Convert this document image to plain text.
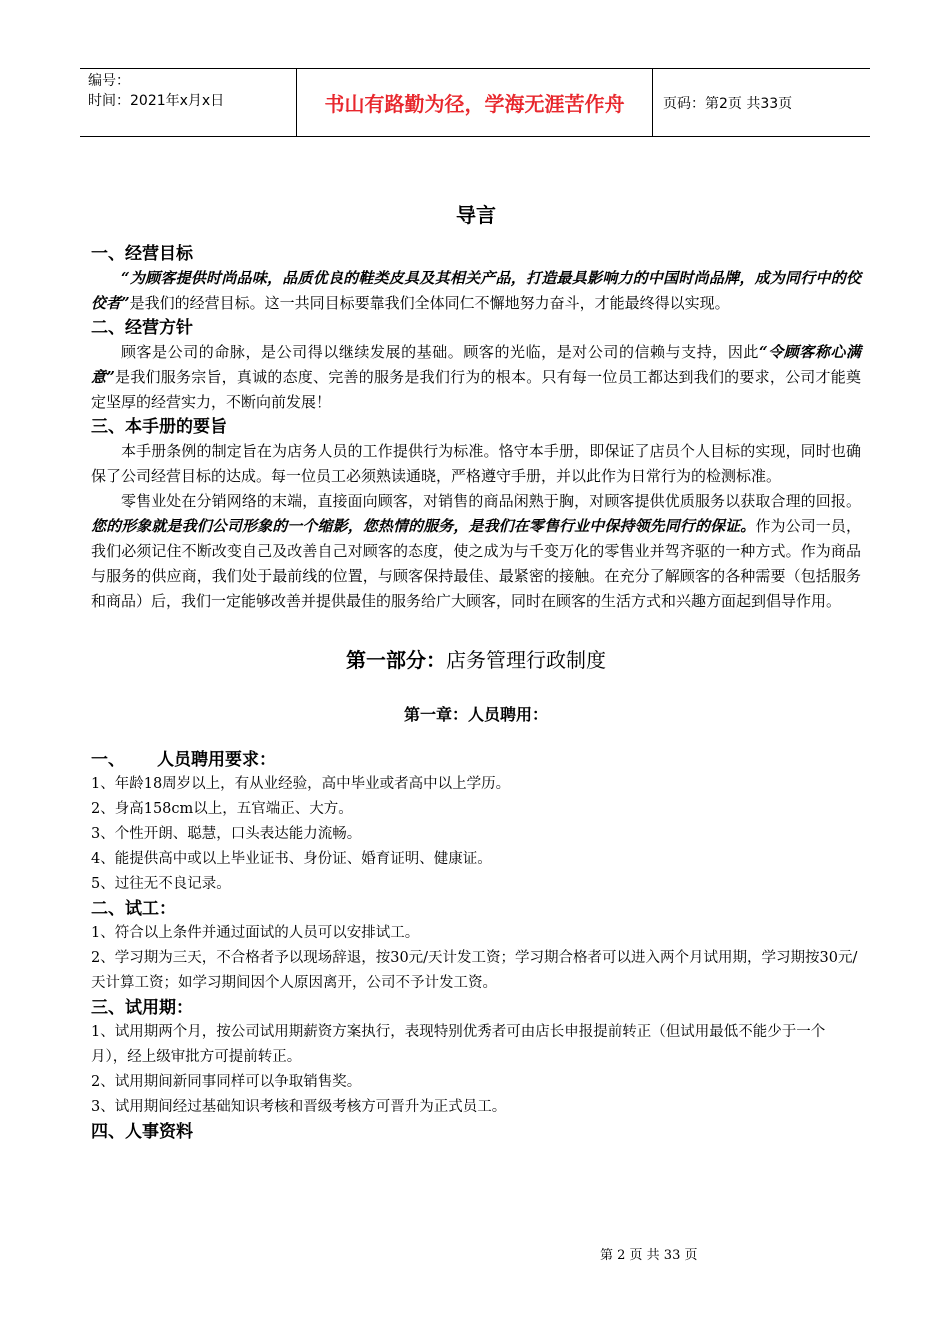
编号：
时间：2021年x月x日	书山有路勤为径，学海无涯苦作舟	页码：第2页 共33页
导言

一、经营目标

“为顾客提供时尚品味，品质优良的鞋类皮具及其相关产品，打造最具影响力的中国时尚品牌，成为同行中的佼佼者”是我们的经营目标。这一共同目标要靠我们全体同仁不懈地努力奋斗，才能最终得以实现。

二、经营方针

顾客是公司的命脉，是公司得以继续发展的基础。顾客的光临，是对公司的信赖与支持，因此“令顾客称心满意”是我们服务宗旨，真诚的态度、完善的服务是我们行为的根本。只有每一位员工都达到我们的要求，公司才能奠定坚厚的经营实力，不断向前发展！

三、本手册的要旨

本手册条例的制定旨在为店务人员的工作提供行为标准。恪守本手册，即保证了店员个人目标的实现，同时也确保了公司经营目标的达成。每一位员工必须熟读通晓，严格遵守手册，并以此作为日常行为的检测标准。

零售业处在分销网络的末端，直接面向顾客，对销售的商品闲熟于胸，对顾客提供优质服务以获取合理的回报。您的形象就是我们公司形象的一个缩影，您热情的服务，是我们在零售行业中保持领先同行的保证。作为公司一员，我们必须记住不断改变自己及改善自己对顾客的态度，使之成为与千变万化的零售业并驾齐驱的一种方式。作为商品与服务的供应商，我们处于最前线的位置，与顾客保持最佳、最紧密的接触。在充分了解顾客的各种需要（包括服务和商品）后，我们一定能够改善并提供最佳的服务给广大顾客，同时在顾客的生活方式和兴趣方面起到倡导作用。

第一部分：店务管理行政制度
第一章：人员聘用：

一、 人员聘用要求：

1、年龄18周岁以上，有从业经验，高中毕业或者高中以上学历。

2、身高158cm以上，五官端正、大方。

3、个性开朗、聪慧，口头表达能力流畅。

4、能提供高中或以上毕业证书、身份证、婚育证明、健康证。

5、过往无不良记录。

二、试工：

1、符合以上条件并通过面试的人员可以安排试工。

2、学习期为三天，不合格者予以现场辞退，按30元/天计发工资；学习期合格者可以进入两个月试用期，学习期按30元/天计算工资；如学习期间因个人原因离开，公司不予计发工资。

三、试用期：

1、试用期两个月，按公司试用期薪资方案执行，表现特别优秀者可由店长申报提前转正（但试用最低不能少于一个月），经上级审批方可提前转正。

2、试用期间新同事同样可以争取销售奖。

3、试用期间经过基础知识考核和晋级考核方可晋升为正式员工。

四、人事资料

第 2 页 共 33 页
